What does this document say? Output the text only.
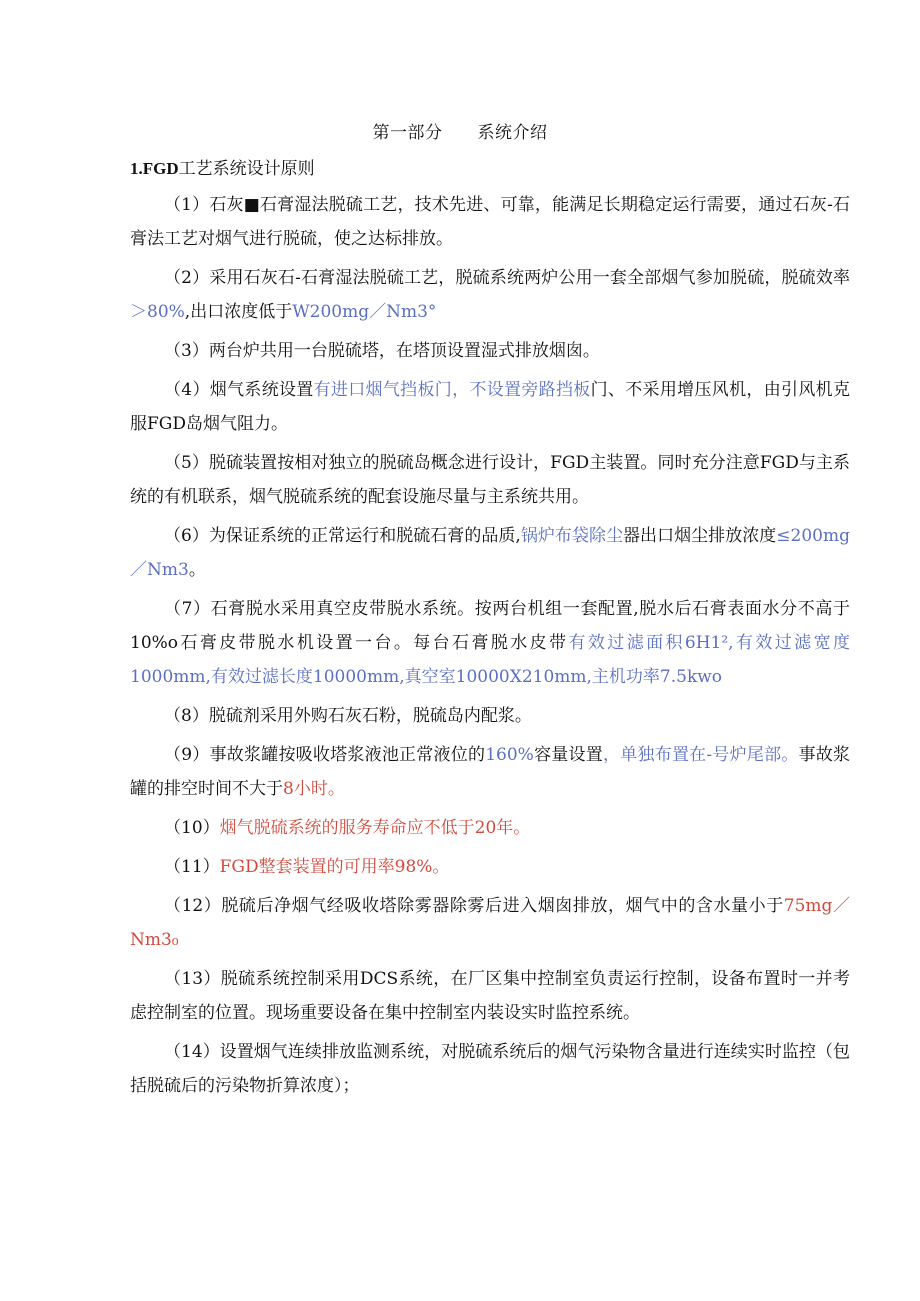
第一部分　　系统介绍
1.FGD工艺系统设计原则

（1）石灰■石膏湿法脱硫工艺，技术先进、可靠，能满足长期稳定运行需要，通过石灰-石膏法工艺对烟气进行脱硫，使之达标排放。

（2）采用石灰石-石膏湿法脱硫工艺，脱硫系统两炉公用一套全部烟气参加脱硫，脱硫效率＞80%,出口浓度低于W200mg／Nm3°

（3）两台炉共用一台脱硫塔，在塔顶设置湿式排放烟囱。

（4）烟气系统设置有进口烟气挡板门，不设置旁路挡板门、不采用增压风机，由引风机克服FGD岛烟气阻力。

（5）脱硫装置按相对独立的脱硫岛概念进行设计，FGD主装置。同时充分注意FGD与主系统的有机联系，烟气脱硫系统的配套设施尽量与主系统共用。

（6）为保证系统的正常运行和脱硫石膏的品质,锅炉布袋除尘器出口烟尘排放浓度≤200mg／Nm3。

（7）石膏脱水采用真空皮带脱水系统。按两台机组一套配置,脱水后石膏表面水分不高于10%o石膏皮带脱水机设置一台。每台石膏脱水皮带有效过滤面积6H1²,有效过滤宽度1000mm,有效过滤长度10000mm,真空室10000X210mm,主机功率7.5kwo

（8）脱硫剂采用外购石灰石粉，脱硫岛内配浆。

（9）事故浆罐按吸收塔浆液池正常液位的160%容量设置，单独布置在-号炉尾部。事故浆罐的排空时间不大于8小时。

（10）烟气脱硫系统的服务寿命应不低于20年。

（11）FGD整套装置的可用率98%。

（12）脱硫后净烟气经吸收塔除雾器除雾后进入烟囱排放，烟气中的含水量小于75mg／Nm3₀

（13）脱硫系统控制采用DCS系统，在厂区集中控制室负责运行控制，设备布置时一并考虑控制室的位置。现场重要设备在集中控制室内装设实时监控系统。

（14）设置烟气连续排放监测系统，对脱硫系统后的烟气污染物含量进行连续实时监控（包括脱硫后的污染物折算浓度）；
